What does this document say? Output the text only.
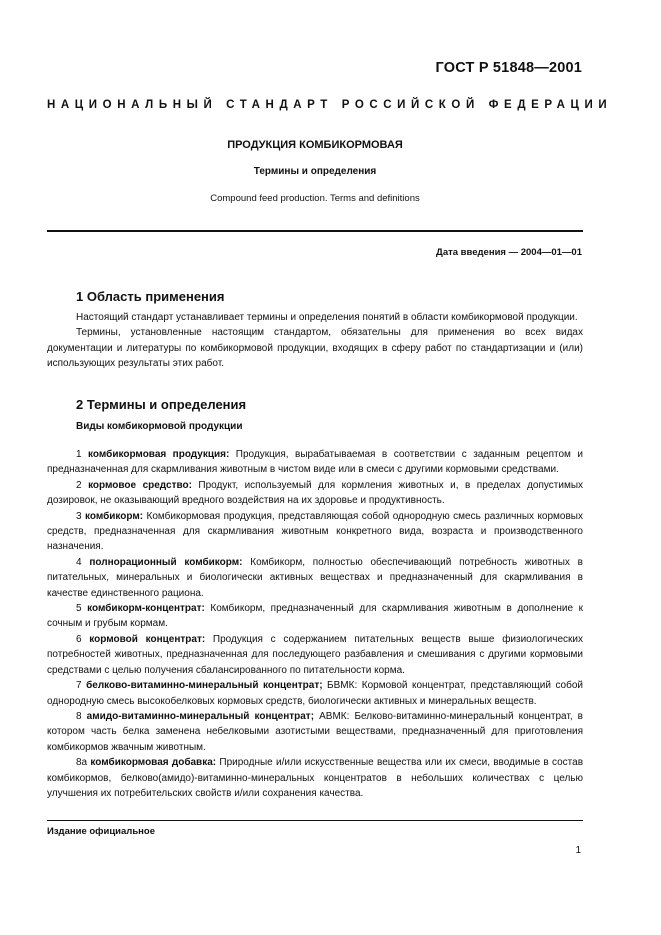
ГОСТ Р 51848—2001
НАЦИОНАЛЬНЫЙ СТАНДАРТ РОССИЙСКОЙ ФЕДЕРАЦИИ
ПРОДУКЦИЯ КОМБИКОРМОВАЯ
Термины и определения
Compound feed production. Terms and definitions
Дата введения — 2004—01—01
1 Область применения

Настоящий стандарт устанавливает термины и определения понятий в области комбикормовой продукции.

Термины, установленные настоящим стандартом, обязательны для применения во всех видах документации и литературы по комбикормовой продукции, входящих в сферу работ по стандартизации и (или) использующих результаты этих работ.

2 Термины и определения
Виды комбикормовой продукции

1 комбикормовая продукция: Продукция, вырабатываемая в соответствии с заданным рецептом и предназначенная для скармливания животным в чистом виде или в смеси с другими кормовыми средствами.

2 кормовое средство: Продукт, используемый для кормления животных и, в пределах допустимых дозировок, не оказывающий вредного воздействия на их здоровье и продуктивность.

3 комбикорм: Комбикормовая продукция, представляющая собой однородную смесь различных кормовых средств, предназначенная для скармливания животным конкретного вида, возраста и производственного назначения.

4 полнорационный комбикорм: Комбикорм, полностью обеспечивающий потребность животных в питательных, минеральных и биологически активных веществах и предназначенный для скармливания в качестве единственного рациона.

5 комбикорм-концентрат: Комбикорм, предназначенный для скармливания животным в дополнение к сочным и грубым кормам.

6 кормовой концентрат: Продукция с содержанием питательных веществ выше физиологических потребностей животных, предназначенная для последующего разбавления и смешивания с другими кормовыми средствами с целью получения сбалансированного по питательности корма.

7 белково-витаминно-минеральный концентрат; БВМК: Кормовой концентрат, представляющий собой однородную смесь высокобелковых кормовых средств, биологически активных и минеральных веществ.

8 амидо-витаминно-минеральный концентрат; АВМК: Белково-витаминно-минеральный концентрат, в котором часть белка заменена небелковыми азотистыми веществами, предназначенный для приготовления комбикормов жвачным животным.

8а комбикормовая добавка: Природные и/или искусственные вещества или их смеси, вводимые в состав комбикормов, белково(амидо)-витаминно-минеральных концентратов в небольших количествах с целью улучшения их потребительских свойств и/или сохранения качества.

Издание официальное
1
